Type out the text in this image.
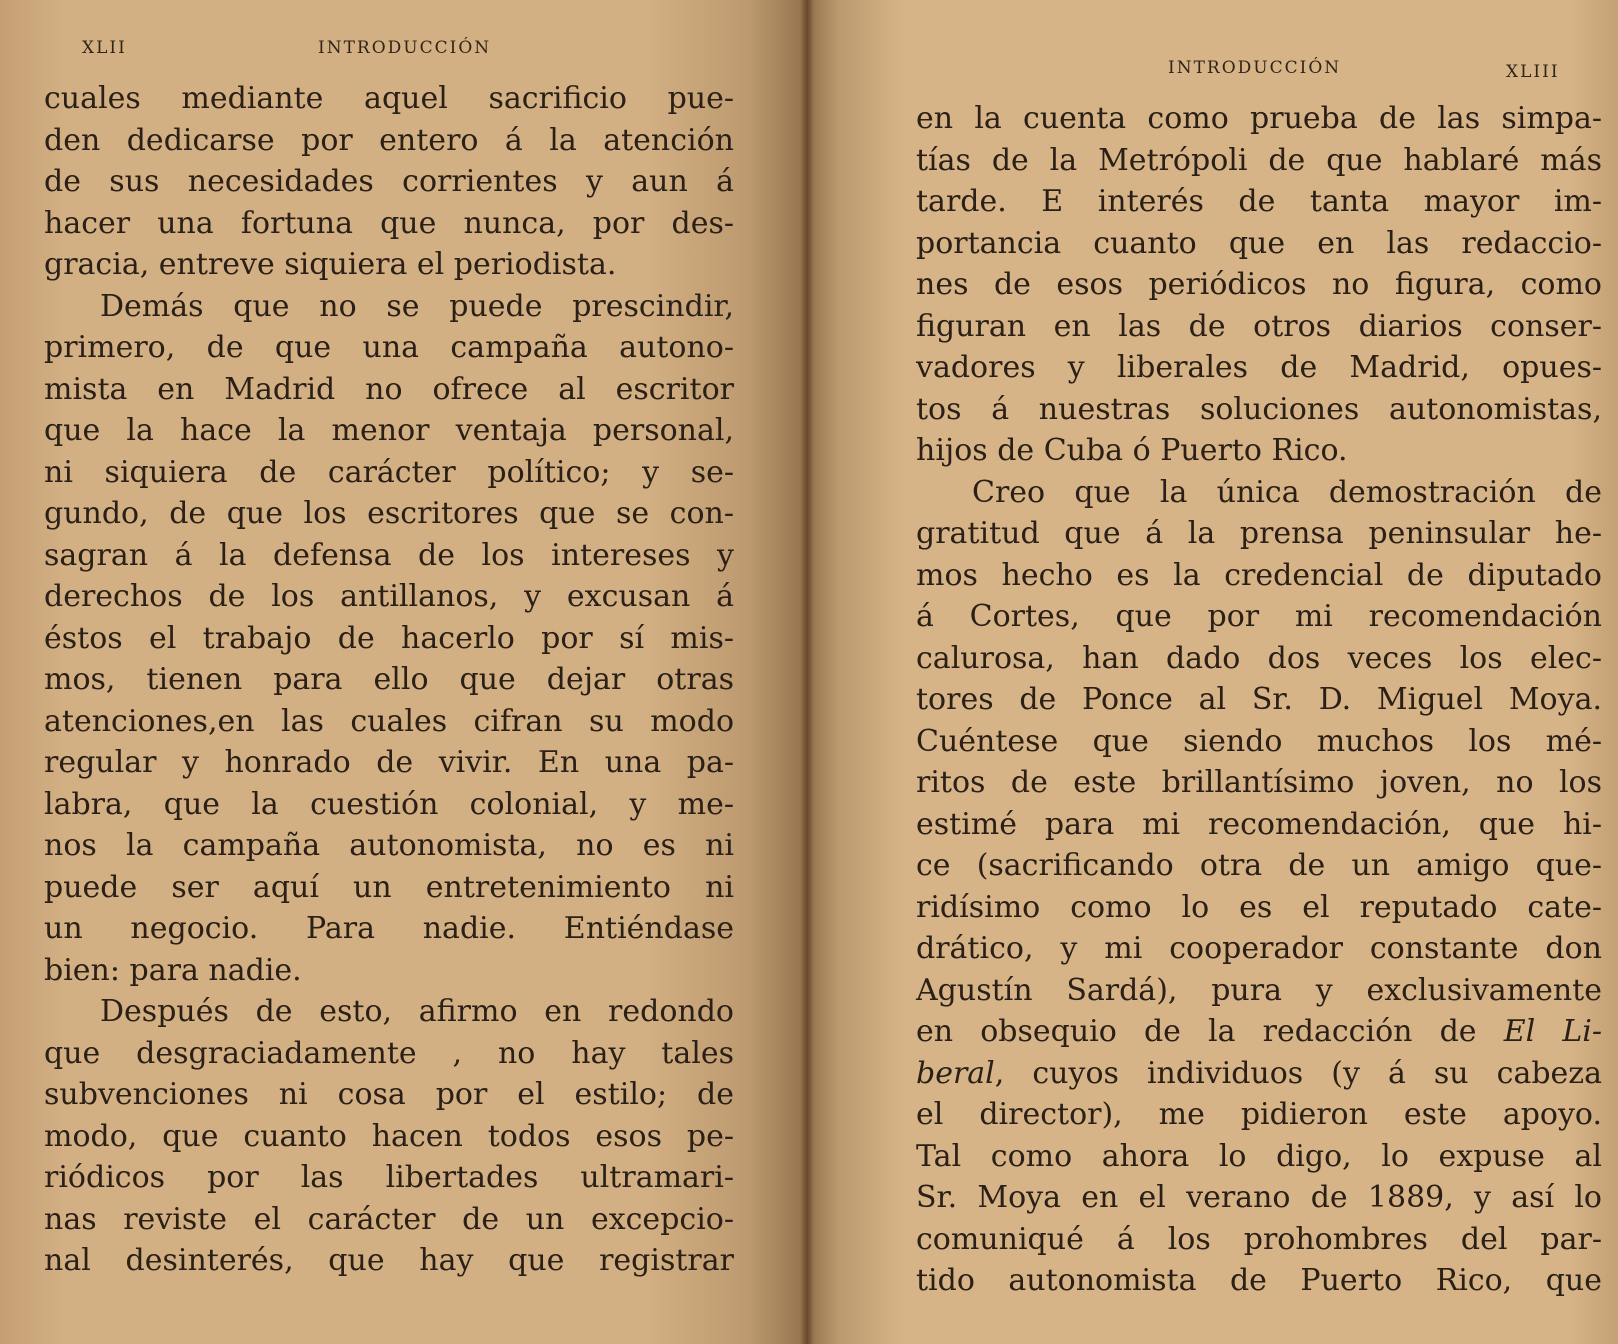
XLII	INTRODUCCIÓN
cuales mediante aquel sacrificio pue-
den dedicarse por entero á la atención
de sus necesidades corrientes y aun á
hacer una fortuna que nunca, por des-
gracia, entreve siquiera el periodista.
Demás que no se puede prescindir,
primero, de que una campaña autono-
mista en Madrid no ofrece al escritor
que la hace la menor ventaja personal,
ni siquiera de carácter político; y se-
gundo, de que los escritores que se con-
sagran á la defensa de los intereses y
derechos de los antillanos, y excusan á
éstos el trabajo de hacerlo por sí mis-
mos, tienen para ello que dejar otras
atenciones,en las cuales cifran su modo
regular y honrado de vivir. En una pa-
labra, que la cuestión colonial, y me-
nos la campaña autonomista, no es ni
puede ser aquí un entretenimiento ni
un negocio. Para nadie. Entiéndase
bien: para nadie.
Después de esto, afirmo en redondo
que desgraciadamente , no hay tales
subvenciones ni cosa por el estilo; de
modo, que cuanto hacen todos esos pe-
riódicos por las libertades ultramari-
nas reviste el carácter de un excepcio-
nal desinterés, que hay que registrar
INTRODUCCIÓN	XLIII
en la cuenta como prueba de las simpa-
tías de la Metrópoli de que hablaré más
tarde. E interés de tanta mayor im-
portancia cuanto que en las redaccio-
nes de esos periódicos no figura, como
figuran en las de otros diarios conser-
vadores y liberales de Madrid, opues-
tos á nuestras soluciones autonomistas,
hijos de Cuba ó Puerto Rico.
Creo que la única demostración de
gratitud que á la prensa peninsular he-
mos hecho es la credencial de diputado
á Cortes, que por mi recomendación
calurosa, han dado dos veces los elec-
tores de Ponce al Sr. D. Miguel Moya.
Cuéntese que siendo muchos los mé-
ritos de este brillantísimo joven, no los
estimé para mi recomendación, que hi-
ce (sacrificando otra de un amigo que-
ridísimo como lo es el reputado cate-
drático, y mi cooperador constante don
Agustín Sardá), pura y exclusivamente
en obsequio de la redacción de El Li-
beral, cuyos individuos (y á su cabeza
el director), me pidieron este apoyo.
Tal como ahora lo digo, lo expuse al
Sr. Moya en el verano de 1889, y así lo
comuniqué á los prohombres del par-
tido autonomista de Puerto Rico, que
